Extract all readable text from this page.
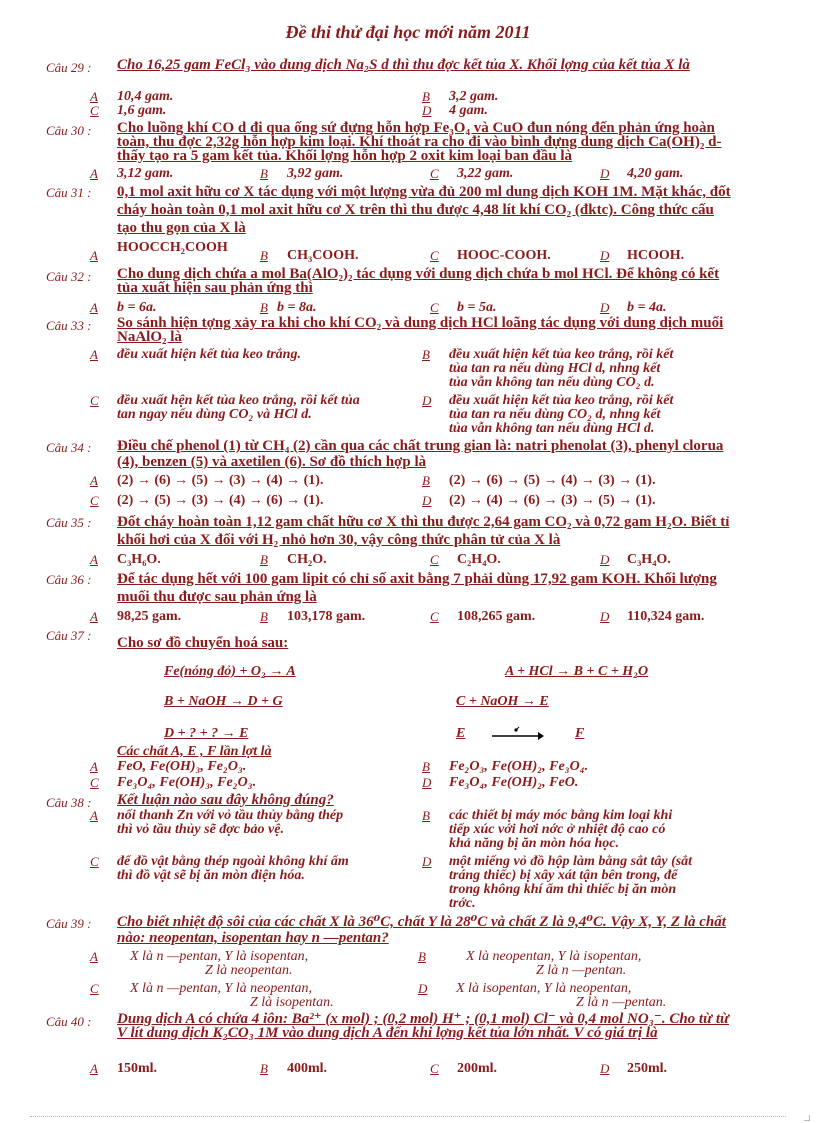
Đề thi thử đại học mới năm 2011
Câu 29 : Cho 16,25 gam FeCl₃ vào dung dịch Na₂S d thì thu đợc kết tủa X. Khối lợng của kết tủa X là
A 10,4 gam.	B 3,2 gam.
C 1,6 gam.	D 4 gam.
Câu 30 : Cho luồng khí CO d đi qua ống sứ đựng hỗn hợp Fe₃O₄ và CuO đun nóng đến phản ứng hoàn toàn, thu đợc 2,32g hỗn hợp kim loại. Khí thoát ra cho đi vào bình đựng dung dịch Ca(OH)₂ d thấy tạo ra 5 gam kết tủa. Khối lợng hỗn hợp 2 oxit kim loại ban đầu là
A 3,12 gam.	B 3,92 gam.	C 3,22 gam.	D 4,20 gam.
Câu 31 : 0,1 mol axit hữu cơ X tác dụng với một lượng vừa đủ 200 ml dung dịch KOH 1M. Mặt khác, đốt cháy hoàn toàn 0,1 mol axit hữu cơ X trên thì thu được 4,48 lít khí CO₂ (đktc). Công thức cấu tạo thu gọn của X là
A
HOOCCH₂COOH
B CH₃COOH.	C HOOC-COOH.	D HCOOH.
Câu 32 : Cho dung dịch chứa a mol Ba(AlO₂)₂ tác dụng với dung dịch chứa b mol HCl. Để không có kết tủa xuất hiện sau phản ứng thì
A b = 6a.	B b = 8a.	C b = 5a.	D b = 4a.
Câu 33 : So sánh hiện tợng xảy ra khi cho khí CO₂ và dung dịch HCl loãng tác dụng với dung dịch muối NaAlO₂ là
A đều xuất hiện kết tủa keo trắng.	B đều xuất hiện kết tủa keo trắng, rồi kết
tủa tan ra nếu dùng HCl d, nhng kết
tủa vẫn không tan nếu dùng CO₂ d.
C đều xuất hện kết tủa keo trắng, rồi kết tủa
tan ngay nếu dùng CO₂ và HCl d.
D đều xuất hiện kết tủa keo trắng, rồi kết
tủa tan ra nếu dùng CO₂ d, nhng kết
tủa vẫn không tan nếu dùng HCl d.
Câu 34 : Điều chế phenol (1) từ CH₄ (2) cần qua các chất trung gian là: natri phenolat (3), phenyl clorua (4), benzen (5) và axetilen (6). Sơ đồ thích hợp là
A (2) → (6) → (5) → (3) → (4) → (1).	B (2) → (6) → (5) → (4) → (3) → (1).
C (2) → (5) → (3) → (4) → (6) → (1).	D (2) → (4) → (6) → (3) → (5) → (1).
Câu 35 : Đốt cháy hoàn toàn 1,12 gam chất hữu cơ X thì thu được 2,64 gam CO₂ và 0,72 gam H₂O. Biết tỉ khối hơi của X đối với H₂ nhỏ hơn 30, vậy công thức phân tử của X là
A C₃H₆O.	B CH₂O.	C C₂H₄O.	D C₃H₄O.
Câu 36 : Để tác dụng hết với 100 gam lipit có chỉ số axit bằng 7 phải dùng 17,92 gam KOH. Khối lượng muối thu được sau phản ứng là
A 98,25 gam.	B 103,178 gam.	C 108,265 gam.	D 110,324 gam.
Câu 37 : Cho sơ đồ chuyển hoá sau:
Fe(nóng đỏ) + O₂ → A	A + HCl → B + C + H₂O
B + NaOH → D + G	C + NaOH → E
D + ? + ? → E	E	F
Các chất A, E , F lần lợt là
A FeO, Fe(OH)₃, Fe₂O₃.	B Fe₂O₃, Fe(OH)₂, Fe₃O₄.
C Fe₃O₄, Fe(OH)₃, Fe₂O₃.	D Fe₃O₄, Fe(OH)₂, FeO.
Câu 38 : Kết luận nào sau đây không đúng?
A nối thanh Zn với vỏ tầu thủy bằng thép
thì vỏ tầu thủy sẽ đợc bảo vệ.
B các thiết bị máy móc bằng kim loại khi
tiếp xúc với hơi nớc ở nhiệt độ cao có
khả năng bị ăn mòn hóa học.
C để đồ vật bằng thép ngoài không khí ẩm
thì đồ vật sẽ bị ăn mòn điện hóa.
D một miếng vỏ đồ hộp làm bằng sắt tây (sắt
tráng thiếc) bị xây xát tận bên trong, để
trong không khí ẩm thì thiếc bị ăn mòn
trớc.
Câu 39 : Cho biết nhiệt độ sôi của các chất X là 36⁰C, chất Y là 28⁰C và chất Z là 9,4⁰C. Vậy X, Y, Z là chất nào: neopentan, isopentan hay n —pentan?
A X là n —pentan, Y là isopentan,
Z là neopentan.
B	X là neopentan, Y là isopentan,
Z là n —pentan.
C X là n —pentan, Y là neopentan,
Z là isopentan.
D X là isopentan, Y là neopentan,
Z là n —pentan.
Câu 40 : Dung dịch A có chứa 4 iôn: Ba²⁺ (x mol) ; (0,2 mol) H⁺ ; (0,1 mol) Cl⁻ và 0,4 mol NO₃⁻. Cho từ từ V lít dung dịch K₂CO₃ 1M vào dung dịch A đến khi lợng kết tủa lớn nhất. V có giá trị là
A 150ml.	B 400ml.	C 200ml.	D 250ml.
